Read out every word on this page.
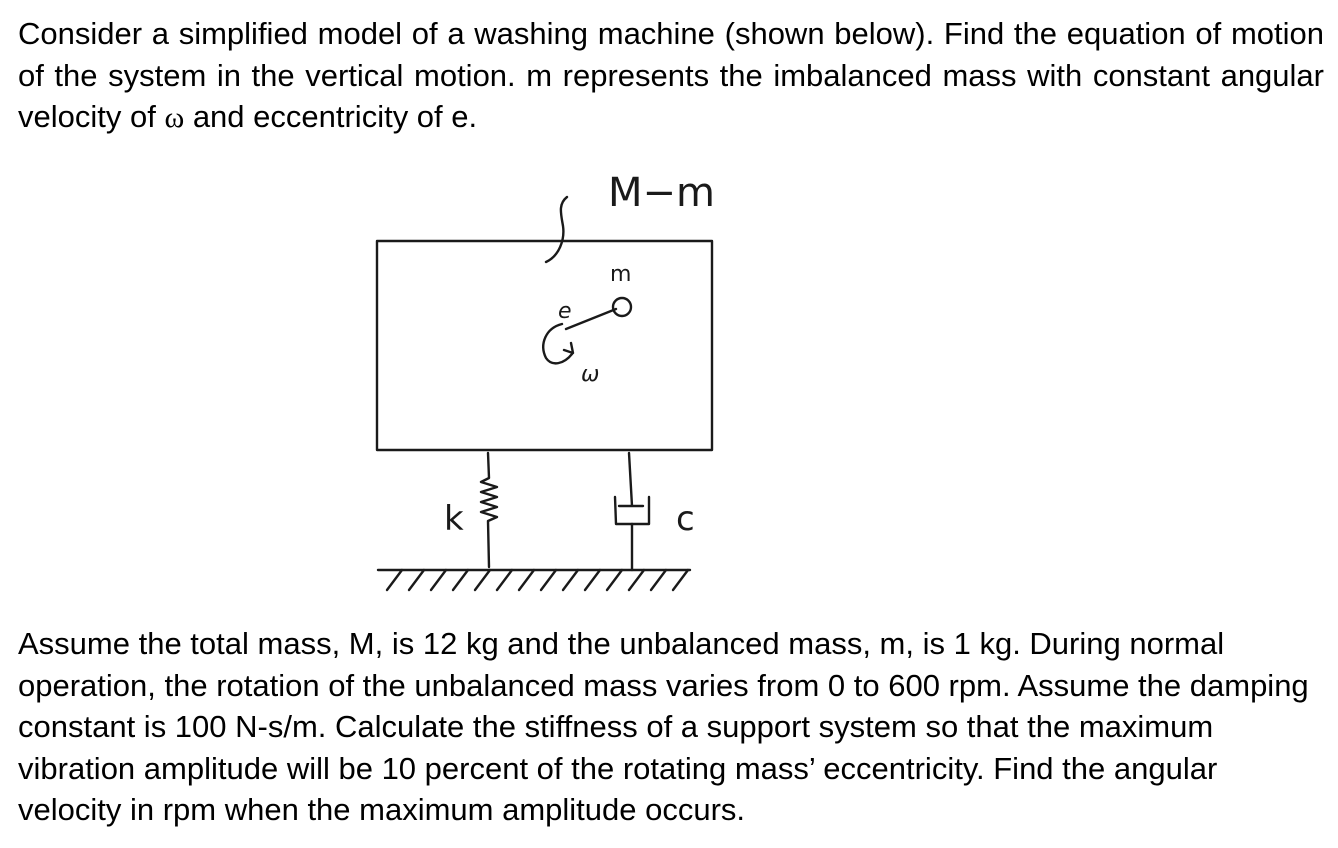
Consider a simplified model of a washing machine (shown below). Find the equation of motion of the system in the vertical motion. m represents the imbalanced mass with constant angular velocity of ω and eccentricity of e.

M−m
m
e
ω
k	c

Assume the total mass, M, is 12 kg and the unbalanced mass, m, is 1 kg. During normal operation, the rotation of the unbalanced mass varies from 0 to 600 rpm. Assume the damping constant is 100 N-s/m. Calculate the stiffness of a support system so that the maximum vibration amplitude will be 10 percent of the rotating mass’ eccentricity. Find the angular velocity in rpm when the maximum amplitude occurs.
